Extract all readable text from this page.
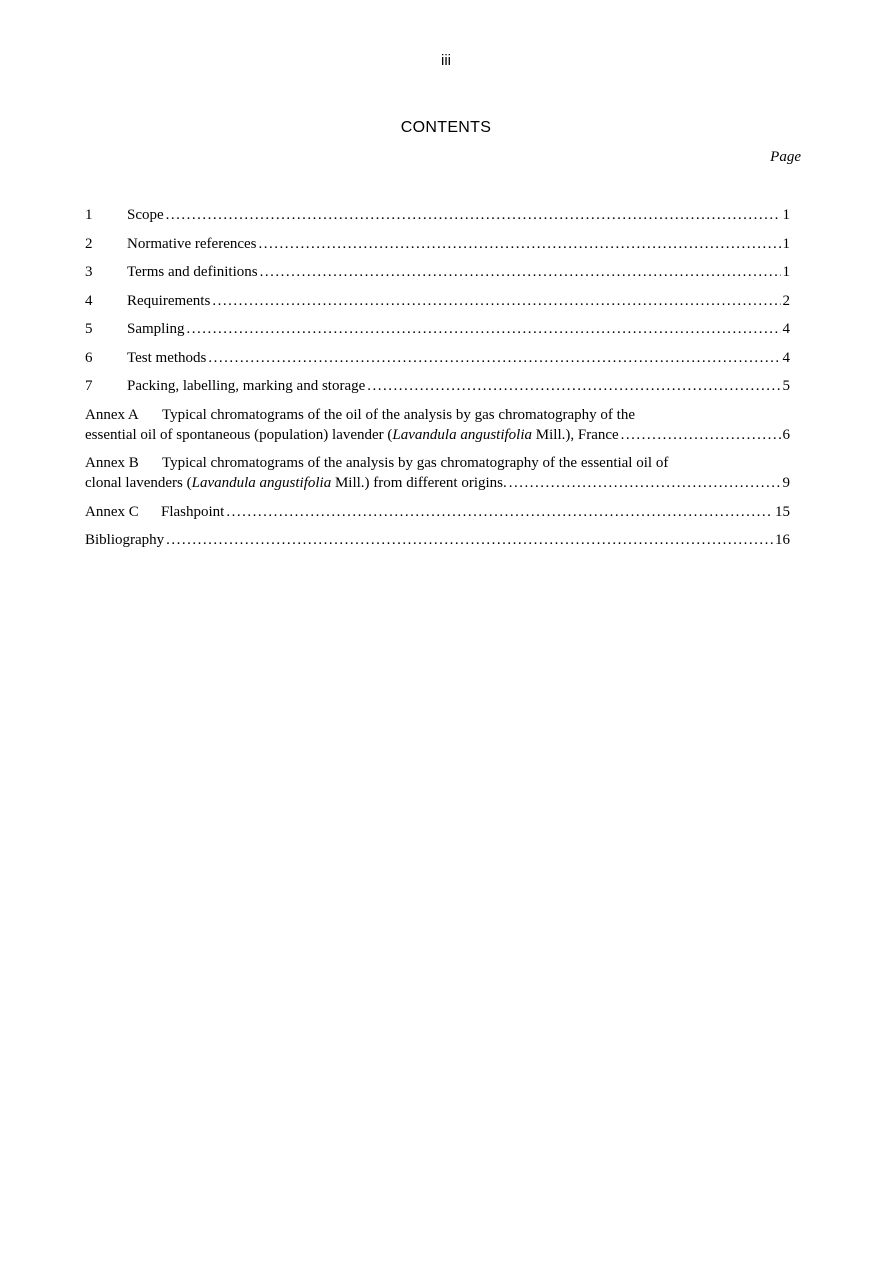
iii
CONTENTS
Page
1	Scope .....	1
2	Normative references .....	1
3	Terms and definitions .....	1
4	Requirements .....	2
5	Sampling .....	4
6	Test methods .....	4
7	Packing, labelling, marking and storage .....	5
Annex A Typical chromatograms of the oil of the analysis by gas chromatography of the
essential oil of spontaneous (population) lavender (Lavandula angustifolia Mill.), France .....	6
Annex B Typical chromatograms of the analysis by gas chromatography of the essential oil of
clonal lavenders (Lavandula angustifolia Mill.) from different origins. .....	9
Annex C	Flashpoint .....	15
Bibliography .....	16
